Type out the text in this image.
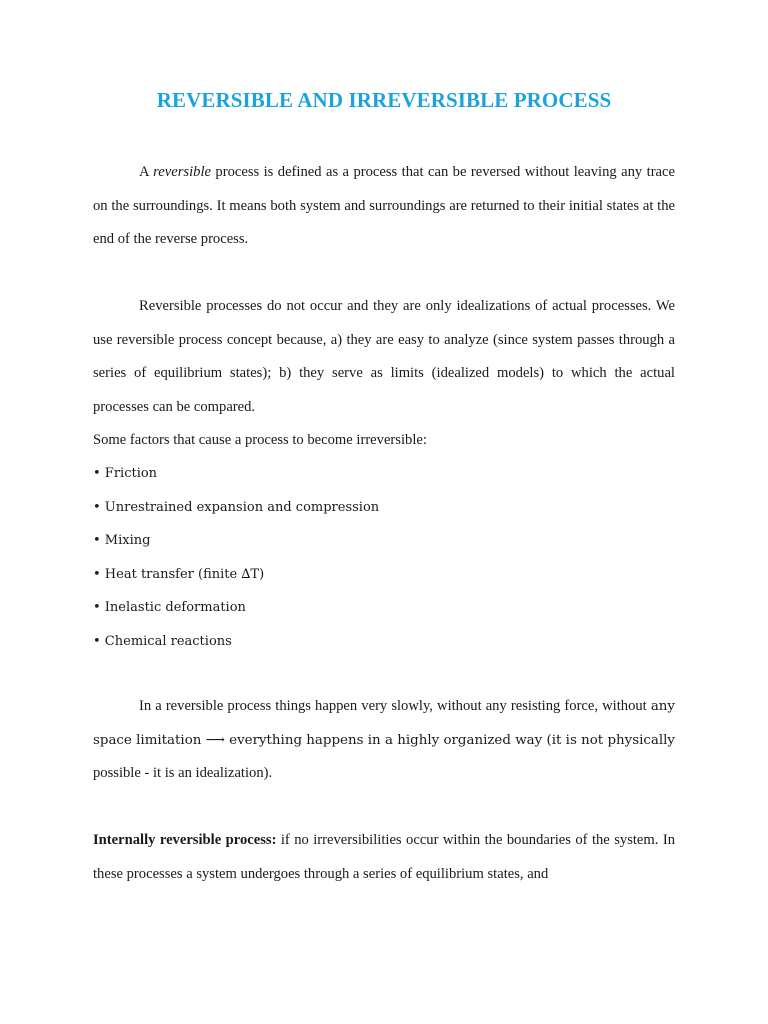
REVERSIBLE AND IRREVERSIBLE PROCESS

A reversible process is defined as a process that can be reversed without leaving any trace on the surroundings. It means both system and surroundings are returned to their initial states at the end of the reverse process.

Reversible processes do not occur and they are only idealizations of actual processes. We use reversible process concept because, a) they are easy to analyze (since system passes through a series of equilibrium states); b) they serve as limits (idealized models) to which the actual processes can be compared.

Some factors that cause a process to become irreversible:

• Friction
• Unrestrained expansion and compression
• Mixing
• Heat transfer (finite ∆T)
• Inelastic deformation
• Chemical reactions

In a reversible process things happen very slowly, without any resisting force, without any space limitation ⟶ everything happens in a highly organized way (it is not physically possible - it is an idealization).

Internally reversible process: if no irreversibilities occur within the boundaries of the system. In these processes a system undergoes through a series of equilibrium states, and
